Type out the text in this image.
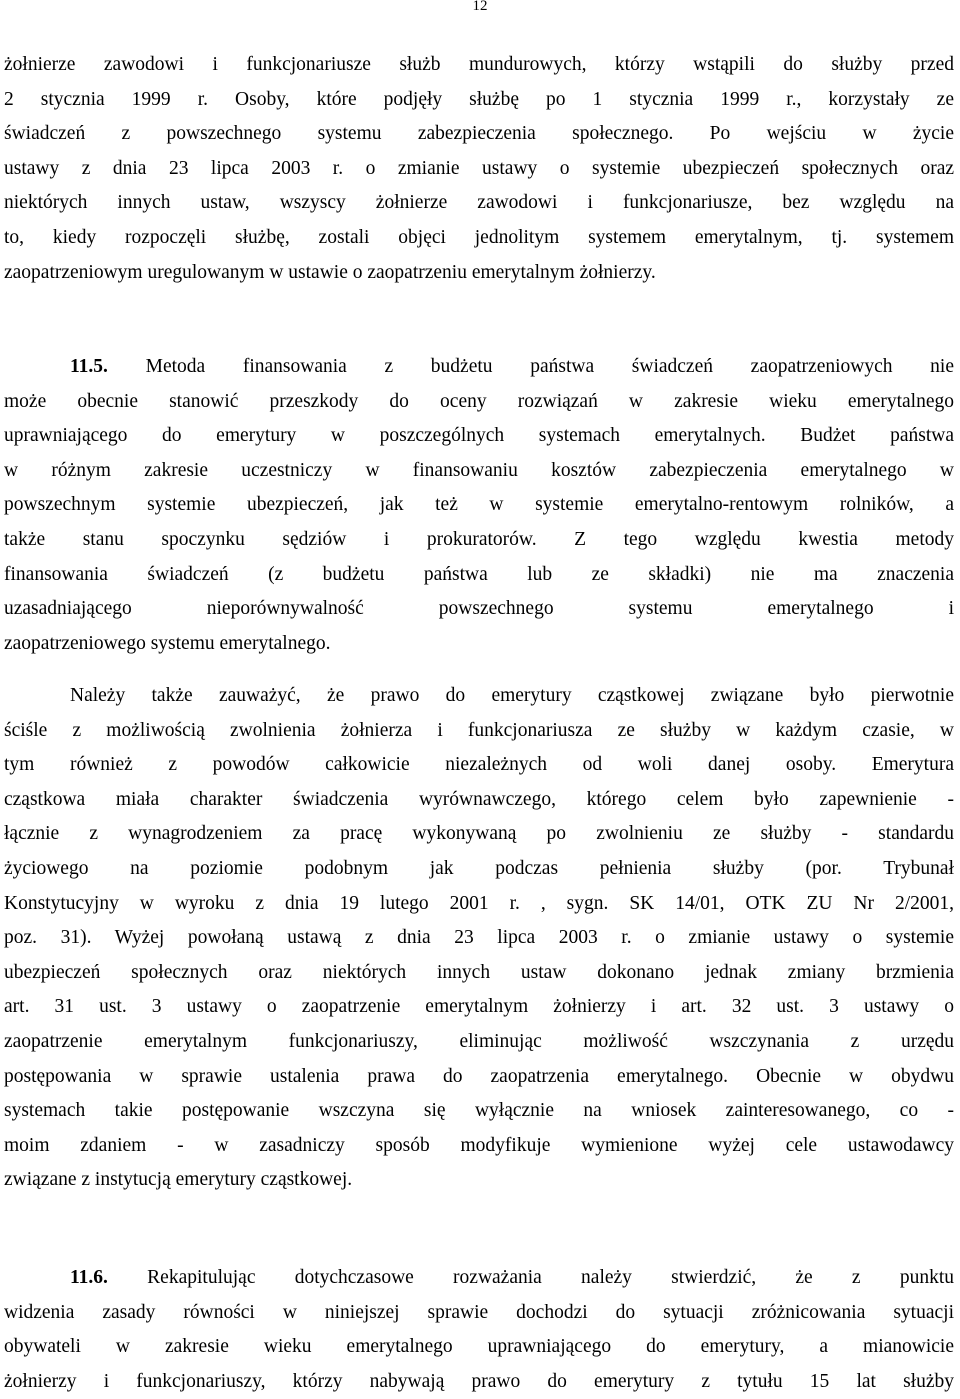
12
żołnierze zawodowi i funkcjonariusze służb mundurowych, którzy wstąpili do służby przed
2 stycznia 1999 r. Osoby, które podjęły służbę po 1 stycznia 1999 r., korzystały ze
świadczeń z powszechnego systemu zabezpieczenia społecznego. Po wejściu w życie
ustawy z dnia 23 lipca 2003 r. o zmianie ustawy o systemie ubezpieczeń społecznych oraz
niektórych innych ustaw, wszyscy żołnierze zawodowi i funkcjonariusze, bez względu na
to, kiedy rozpoczęli służbę, zostali objęci jednolitym systemem emerytalnym, tj. systemem
zaopatrzeniowym uregulowanym w ustawie o zaopatrzeniu emerytalnym żołnierzy.
11.5. Metoda finansowania z budżetu państwa świadczeń zaopatrzeniowych nie
może obecnie stanowić przeszkody do oceny rozwiązań w zakresie wieku emerytalnego
uprawniającego do emerytury w poszczególnych systemach emerytalnych. Budżet państwa
w różnym zakresie uczestniczy w finansowaniu kosztów zabezpieczenia emerytalnego w
powszechnym systemie ubezpieczeń, jak też w systemie emerytalno-rentowym rolników, a
także stanu spoczynku sędziów i prokuratorów. Z tego względu kwestia metody
finansowania świadczeń (z budżetu państwa lub ze składki) nie ma znaczenia
uzasadniającego nieporównywalność powszechnego systemu emerytalnego i
zaopatrzeniowego systemu emerytalnego.
Należy także zauważyć, że prawo do emerytury cząstkowej związane było pierwotnie
ściśle z możliwością zwolnienia żołnierza i funkcjonariusza ze służby w każdym czasie, w
tym również z powodów całkowicie niezależnych od woli danej osoby. Emerytura
cząstkowa miała charakter świadczenia wyrównawczego, którego celem było zapewnienie -
łącznie z wynagrodzeniem za pracę wykonywaną po zwolnieniu ze służby - standardu
życiowego na poziomie podobnym jak podczas pełnienia służby (por. Trybunał
Konstytucyjny w wyroku z dnia 19 lutego 2001 r. , sygn. SK 14/01, OTK ZU Nr 2/2001,
poz. 31). Wyżej powołaną ustawą z dnia 23 lipca 2003 r. o zmianie ustawy o systemie
ubezpieczeń społecznych oraz niektórych innych ustaw dokonano jednak zmiany brzmienia
art. 31 ust. 3 ustawy o zaopatrzenie emerytalnym żołnierzy i art. 32 ust. 3 ustawy o
zaopatrzenie emerytalnym funkcjonariuszy, eliminując możliwość wszczynania z urzędu
postępowania w sprawie ustalenia prawa do zaopatrzenia emerytalnego. Obecnie w obydwu
systemach takie postępowanie wszczyna się wyłącznie na wniosek zainteresowanego, co -
moim zdaniem - w zasadniczy sposób modyfikuje wymienione wyżej cele ustawodawcy
związane z instytucją emerytury cząstkowej.
11.6. Rekapitulując dotychczasowe rozważania należy stwierdzić, że z punktu
widzenia zasady równości w niniejszej sprawie dochodzi do sytuacji zróżnicowania sytuacji
obywateli w zakresie wieku emerytalnego uprawniającego do emerytury, a mianowicie
żołnierzy i funkcjonariuszy, którzy nabywają prawo do emerytury z tytułu 15 lat służby
